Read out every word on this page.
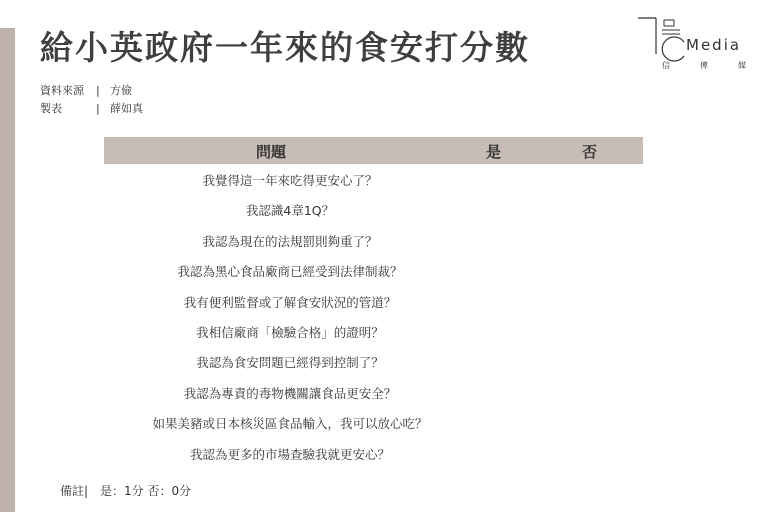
給小英政府一年來的食安打分數	Media
信	傳	媒
資料來源 | 方儉
製表	| 薛如真
問題	是	否
我覺得這一年來吃得更安心了？
我認識4章1Q？
我認為現在的法規罰則夠重了？
我認為黑心食品廠商已經受到法律制裁？
我有便利監督或了解食安狀況的管道？
我相信廠商「檢驗合格」的證明？
我認為食安問題已經得到控制了？
我認為專責的毒物機關讓食品更安全？
如果美豬或日本核災區食品輸入，我可以放心吃？
我認為更多的市場查驗我就更安心？
備註| 是：1分 否：0分
